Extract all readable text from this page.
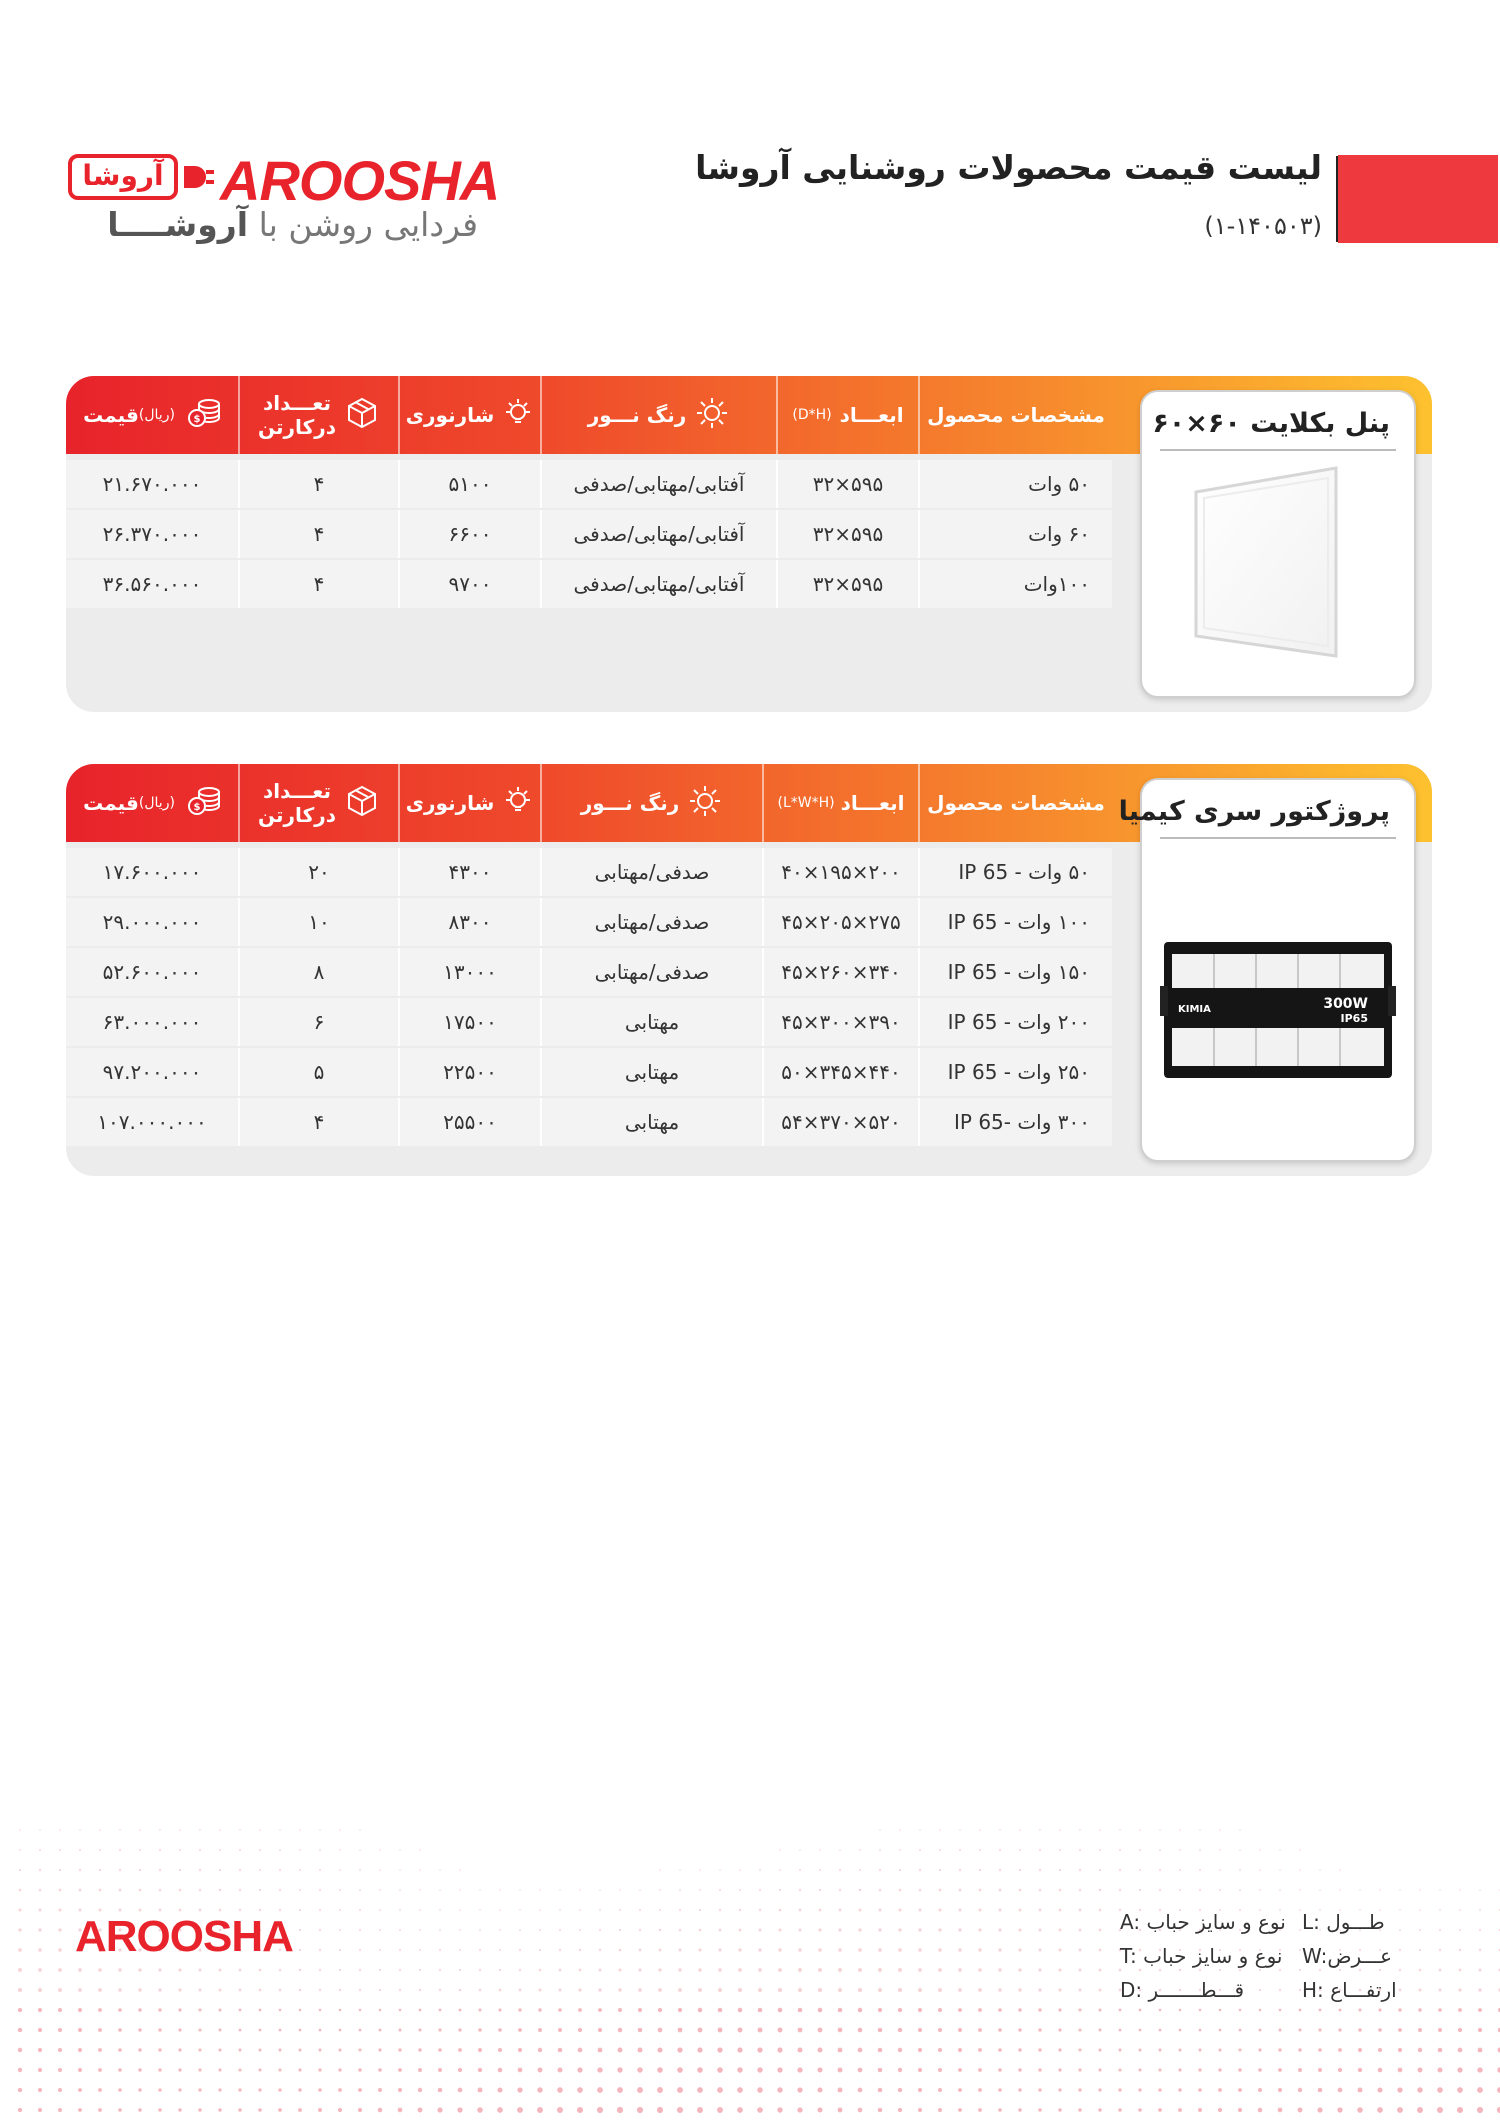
لیست قیمت محصولات روشنایی آروشا
(۱-۱۴۰۵۰۳)
آروشا AROOSHA
فردایی روشن با آروشــــا
$
(ریال)
قیمت	تعـــداد
درکارتن	شارنوری	رنگ نـــور	ابعـــاد
(D*H)	مشخصات محصول
۲۱.۶۷۰.۰۰۰	۴	۵۱۰۰	آفتابی/مهتابی/صدفی	۵۹۵×۳۲	۵۰ وات
۲۶.۳۷۰.۰۰۰	۴	۶۶۰۰	آفتابی/مهتابی/صدفی	۵۹۵×۳۲	۶۰ وات
۳۶.۵۶۰.۰۰۰	۴	۹۷۰۰	آفتابی/مهتابی/صدفی	۵۹۵×۳۲	۱۰۰وات
پنل بکلایت ۶۰×۶۰
$
(ریال)
قیمت	تعـــداد
درکارتن	شارنوری	رنگ نـــور	ابعـــاد
(L*W*H)	مشخصات محصول
۱۷.۶۰۰.۰۰۰	۲۰	۴۳۰۰	صدفی/مهتابی	۲۰۰×۱۹۵×۴۰	۵۰ وات - IP 65
۲۹.۰۰۰.۰۰۰	۱۰	۸۳۰۰	صدفی/مهتابی	۲۷۵×۲۰۵×۴۵	۱۰۰ وات - IP 65
۵۲.۶۰۰.۰۰۰	۸	۱۳۰۰۰	صدفی/مهتابی	۳۴۰×۲۶۰×۴۵	۱۵۰ وات - IP 65
۶۳.۰۰۰.۰۰۰	۶	۱۷۵۰۰	مهتابی	۳۹۰×۳۰۰×۴۵	۲۰۰ وات - IP 65
۹۷.۲۰۰.۰۰۰	۵	۲۲۵۰۰	مهتابی	۴۴۰×۳۴۵×۵۰	۲۵۰ وات - IP 65
۱۰۷.۰۰۰.۰۰۰	۴	۲۵۵۰۰	مهتابی	۵۲۰×۳۷۰×۵۴	۳۰۰ وات -IP 65
پروژکتور سری کیمیا
KIMIA	300W
IP65
AROOSHA	L: طـــول
W:عـــرض
H: ارتفـــاع
A: نوع و سایز حباب
T: نوع و سایز حباب
D: قـــطـــــــر
